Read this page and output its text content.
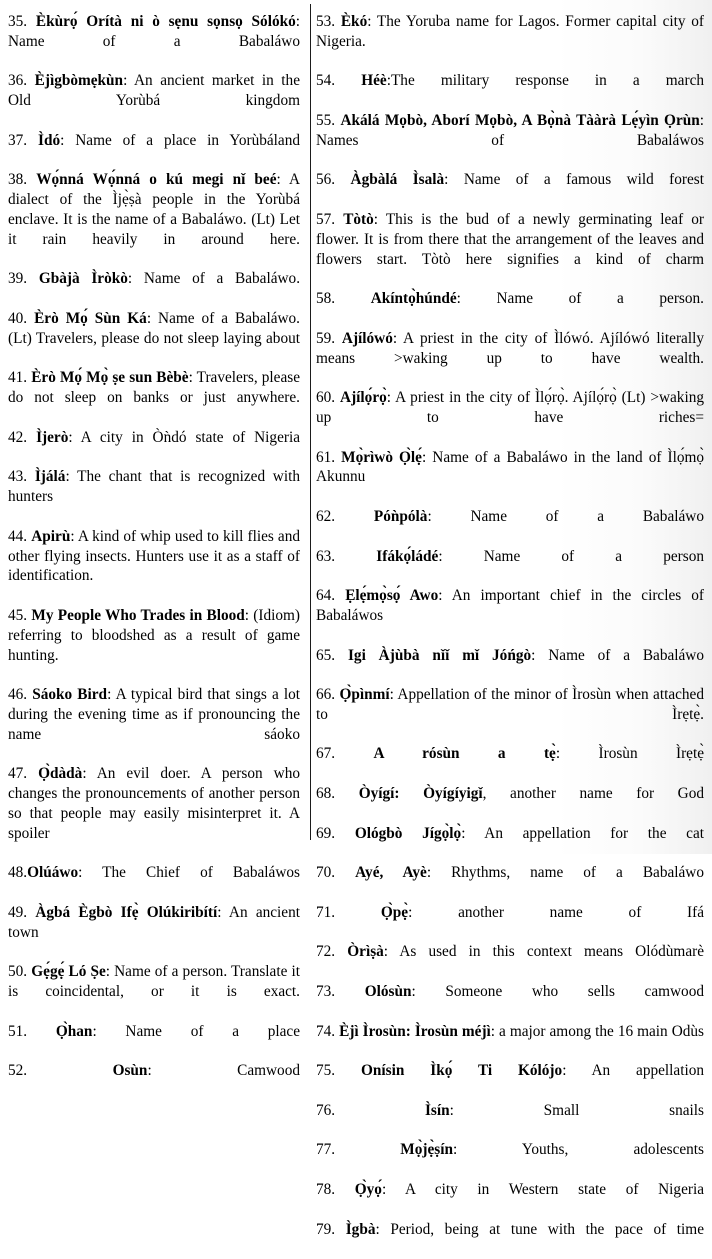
35. Èkùrọ́ Orítà ni ò sẹnu sọnsọ Sólókó: Name of a Babaláwo

36. Èjìgbòmẹkùn: An ancient market in the Old Yorùbá kingdom

37. Ìdó: Name of a place in Yorùbáland

38. Wọ́nná Wọ́nná o kú megi nǐ beé: A dialect of the Ìjẹ̀ṣà people in the Yorùbá enclave. It is the name of a Babaláwo. (Lt) Let it rain heavily in around here.

39. Gbàjà Ìròkò: Name of a Babaláwo.

40. Èrò Mọ́ Sùn Ká: Name of a Babaláwo. (Lt) Travelers, please do not sleep laying about

41. Èrò Mọ́ Mọ̀ ṣe sun Bèbè: Travelers, please do not sleep on banks or just anywhere.

42. Ìjerò: A city in Òǹdó state of Nigeria

43. Ìjálá: The chant that is recognized with hunters

44. Apirù: A kind of whip used to kill flies and other flying insects. Hunters use it as a staff of identification.

45. My People Who Trades in Blood: (Idiom) referring to bloodshed as a result of game hunting.

46. Sáoko Bird: A typical bird that sings a lot during the evening time as if pronouncing the name sáoko

47. Ọ̀dàdà: An evil doer. A person who changes the pronouncements of another person so that people may easily misinterpret it. A spoiler

48.Olúáwo: The Chief of Babaláwos

49. Àgbá Ègbò Ifẹ̀ Olúkiribítí: An ancient town

50. Gẹ́gẹ́ Ló Ṣe: Name of a person. Translate it is coincidental, or it is exact.

51. Ọ̀han: Name of a place

52.	Osùn: Camwood

53. Èkó: The Yoruba name for Lagos. Former capital city of Nigeria.

54. Héè:The military response in a march

55. Akálá Mọbò, Aborí Mọbò, A Bọ̀nà Tààrà Lẹ́yìn Ọrùn: Names of Babaláwos

56. Àgbàlá Ìsalà: Name of a famous wild forest

57. Tòtò: This is the bud of a newly germinating leaf or flower. It is from there that the arrangement of the leaves and flowers start. Tòtò here signifies a kind of charm

58. Akíntọ̀húndé: Name of a person.

59. Ajílówó: A priest in the city of Ìlówó. Ajílówó literally means >waking up to have wealth.

60. Ajílọ́rọ̀: A priest in the city of Ìlọ́rọ̀. Ajílọ́rọ̀ (Lt) >waking up to have riches=

61. Mọ̀rìwò Ọ̀lẹ́: Name of a Babaláwo in the land of Ìlọ́mọ̀ Akunnu

62.	Póǹpólà: Name of a Babaláwo

63.	Ifákọ́ládé: Name of a person

64. Ẹlẹ́mọ̀sọ́ Awo: An important chief in the circles of Babaláwos

65. Igi Àjùbà nǐǐ mǐ Jóńgò: Name of a Babaláwo

66. Ọ̀pìnmí: Appellation of the minor of Ìrosùn when attached to Ìrẹtẹ̀.

67.	A rósùn a tẹ̀: Ìrosùn Ìrẹtẹ̀

68. Òyígí: Òyígíyigǐ, another name for God

69. Ológbò Jígọ̀lọ̀: An appellation for the cat

70. Ayé, Ayè: Rhythms, name of a Babaláwo

71.	Ọ̀pẹ̀: another name of Ifá

72. Òrìṣà: As used in this context means Olódùmarè

73. Olósùn: Someone who sells camwood

74. Èjì Ìrosùn: Ìrosùn méjì: a major among the 16 main Odùs

75. Onísin Ìkọ́ Ti Kólójo: An appellation

76.	Ìsín: Small snails

77.	Mọ̀jẹ̀ṣín: Youths, adolescents

78. Ọ̀yọ́: A city in Western state of Nigeria

79. Ìgbà: Period, being at tune with the pace of time
